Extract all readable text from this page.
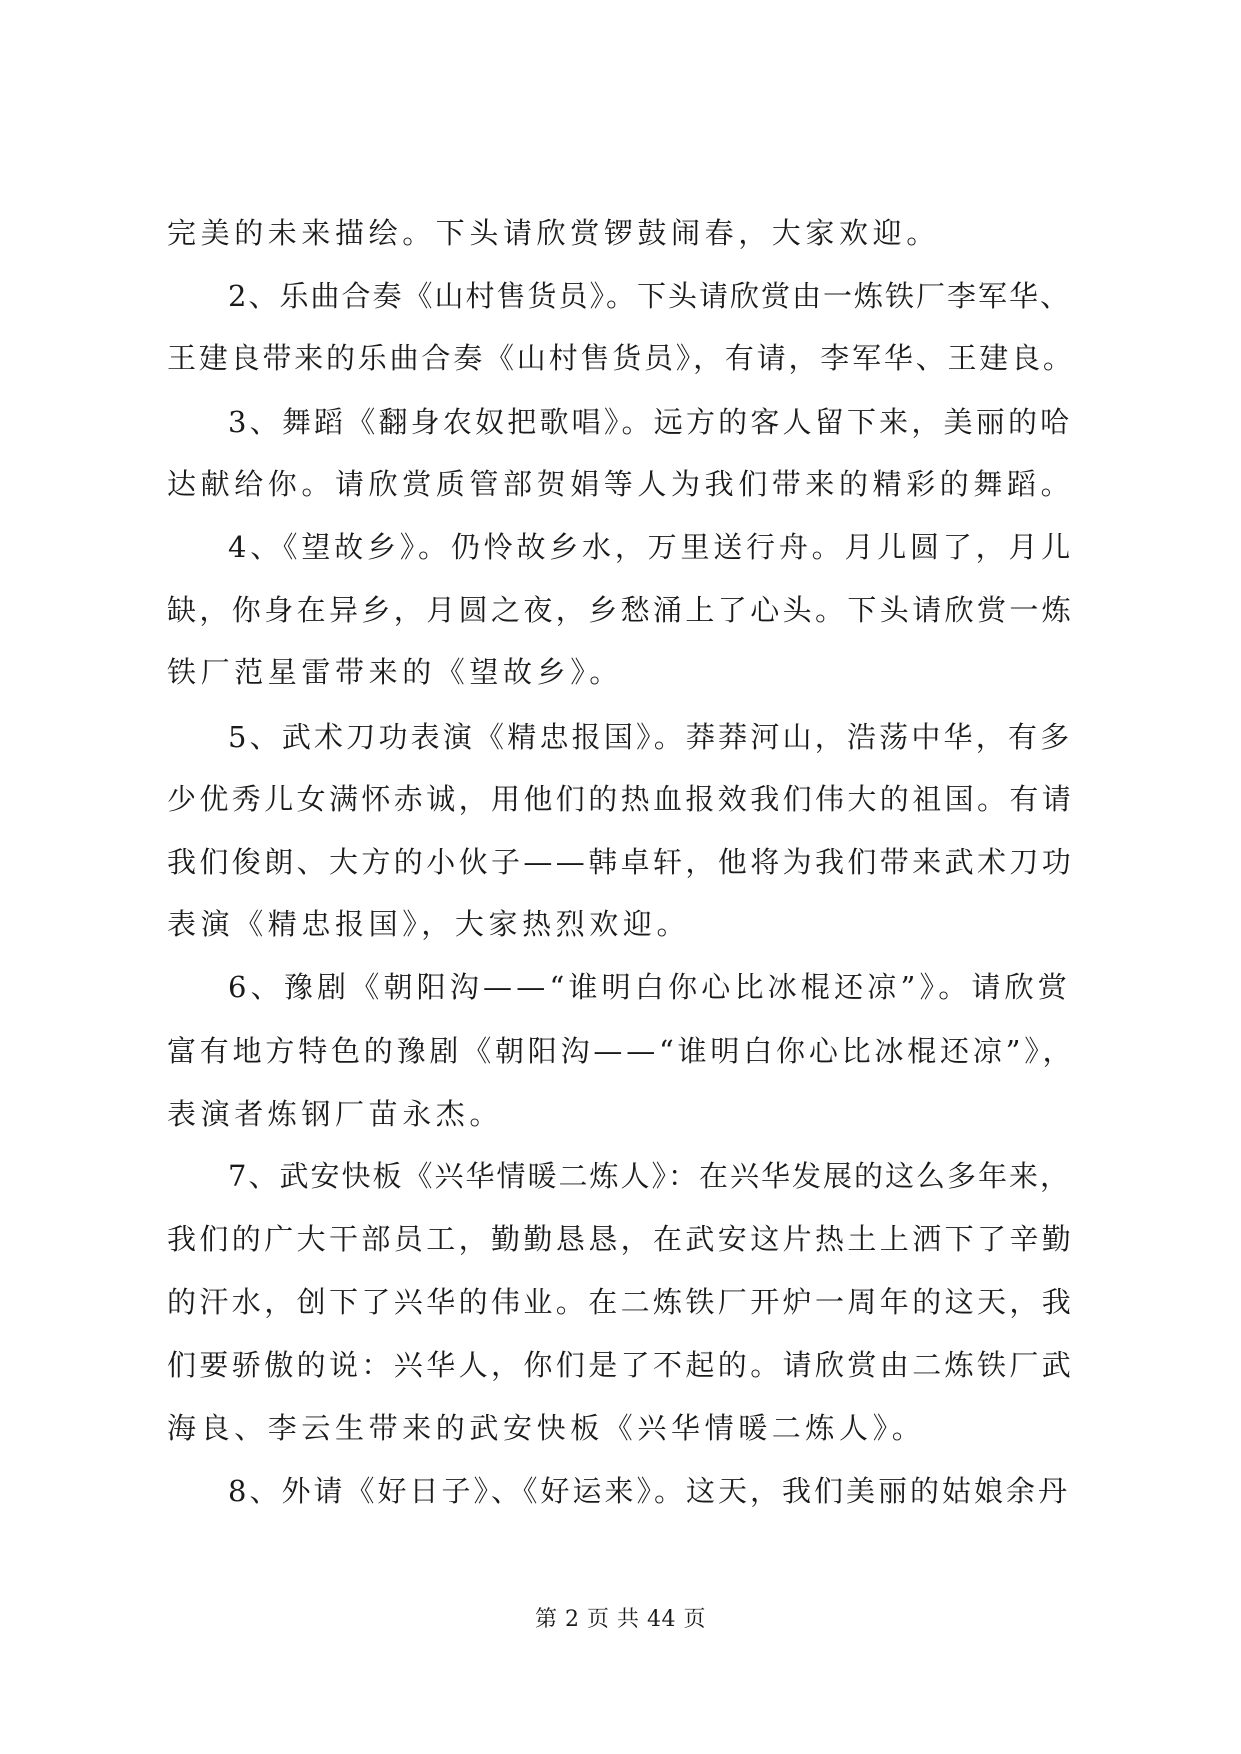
完美的未来描绘。下头请欣赏锣鼓闹春，大家欢迎。
2、乐曲合奏《山村售货员》。下头请欣赏由一炼铁厂李军华、
王建良带来的乐曲合奏《山村售货员》，有请，李军华、王建良。
3、舞蹈《翻身农奴把歌唱》。远方的客人留下来，美丽的哈
达献给你。请欣赏质管部贺娟等人为我们带来的精彩的舞蹈。
4、《望故乡》。仍怜故乡水，万里送行舟。月儿圆了，月儿
缺，你身在异乡，月圆之夜，乡愁涌上了心头。下头请欣赏一炼
铁厂范星雷带来的《望故乡》。
5、武术刀功表演《精忠报国》。莽莽河山，浩荡中华，有多
少优秀儿女满怀赤诚，用他们的热血报效我们伟大的祖国。有请
我们俊朗、大方的小伙子——韩卓轩，他将为我们带来武术刀功
表演《精忠报国》，大家热烈欢迎。
6、豫剧《朝阳沟——“谁明白你心比冰棍还凉”》。请欣赏
富有地方特色的豫剧《朝阳沟——“谁明白你心比冰棍还凉”》，
表演者炼钢厂苗永杰。
7、武安快板《兴华情暖二炼人》：在兴华发展的这么多年来，
我们的广大干部员工，勤勤恳恳，在武安这片热土上洒下了辛勤
的汗水，创下了兴华的伟业。在二炼铁厂开炉一周年的这天，我
们要骄傲的说：兴华人，你们是了不起的。请欣赏由二炼铁厂武
海良、李云生带来的武安快板《兴华情暖二炼人》。
8、外请《好日子》、《好运来》。这天，我们美丽的姑娘余丹
第 2 页 共 44 页
